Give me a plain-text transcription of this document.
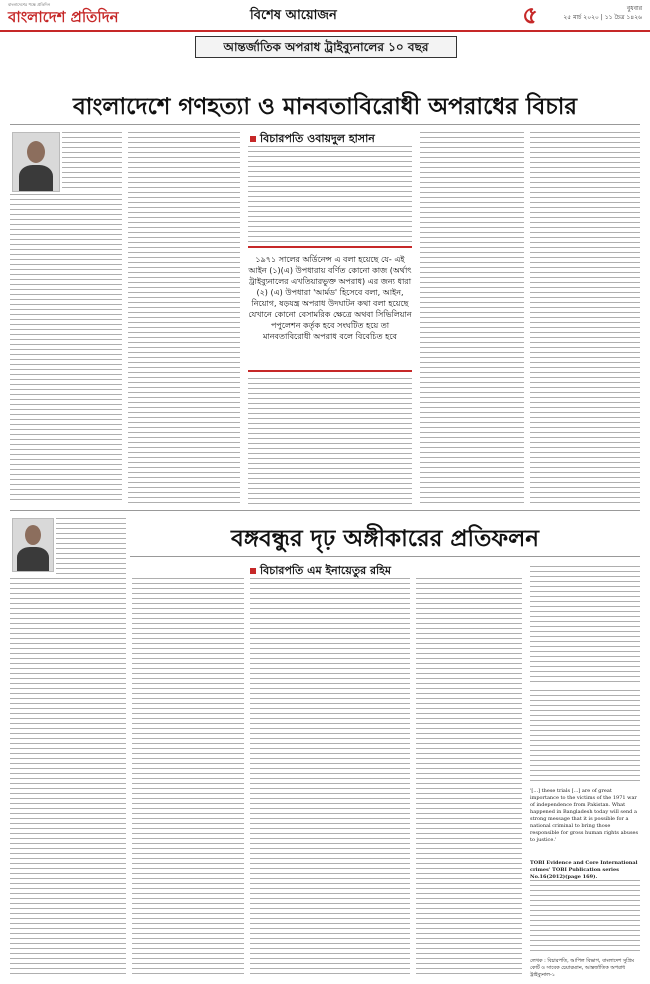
বাংলাদেশের পক্ষে প্রতিদিন
বাংলাদেশ প্রতিদিন	বিশেষ আয়োজন	৫	বুধবার
২৫ মার্চ ২০২০ | ১১ চৈত্র ১৪২৬
আন্তর্জাতিক অপরাধ ট্রাইব্যুনালের ১০ বছর
বাংলাদেশে গণহত্যা ও মানবতাবিরোধী অপরাধের বিচার
বিচারপতি ওবায়দুল হাসান
১৯৭১ সালের অর্ডিনেন্স এ বলা হয়েছে যে- এই আইন (১)(এ) উপধারায় বর্ণিত কোনো কাজ (অর্থাৎ ট্রাইব্যুনালের এখতিয়ারভুক্ত অপরাধ) এর জন্য ধারা (২) (এ) উপধারা 'আর্মড' হিসেবে বলা, আইন, নিয়োগ, ষড়যন্ত্র অপরাধ উদঘাটন কথা বলা হয়েছে যেখানে কোনো বেসামরিক ক্ষেত্রে অথবা সিভিলিয়ান পপুলেশন কর্তৃক হবে সংঘটিত হয়ে তা মানবতাবিরোধী অপরাধ বলে বিবেচিত হবে
বঙ্গবন্ধুর দৃঢ় অঙ্গীকারের প্রতিফলন
বিচারপতি এম ইনায়েতুর রহিম
'[...] these trials [...] are of great importance to the victims of the 1971 war of independence from Pakistan. What happened in Bangladesh today will send a strong message that it is possible for a national criminal to bring those responsible for gross human rights abuses to justice.'
TOBI Evidence and Core International crimes' TOBI Publication series No.16(2012)(page 169).
লেখক : বিচারপতি, আপিল বিভাগ, বাংলাদেশ সুপ্রিম কোর্ট ও সাবেক চেয়ারম্যান, আন্তর্জাতিক অপরাধ ট্রাইব্যুনাল-১
